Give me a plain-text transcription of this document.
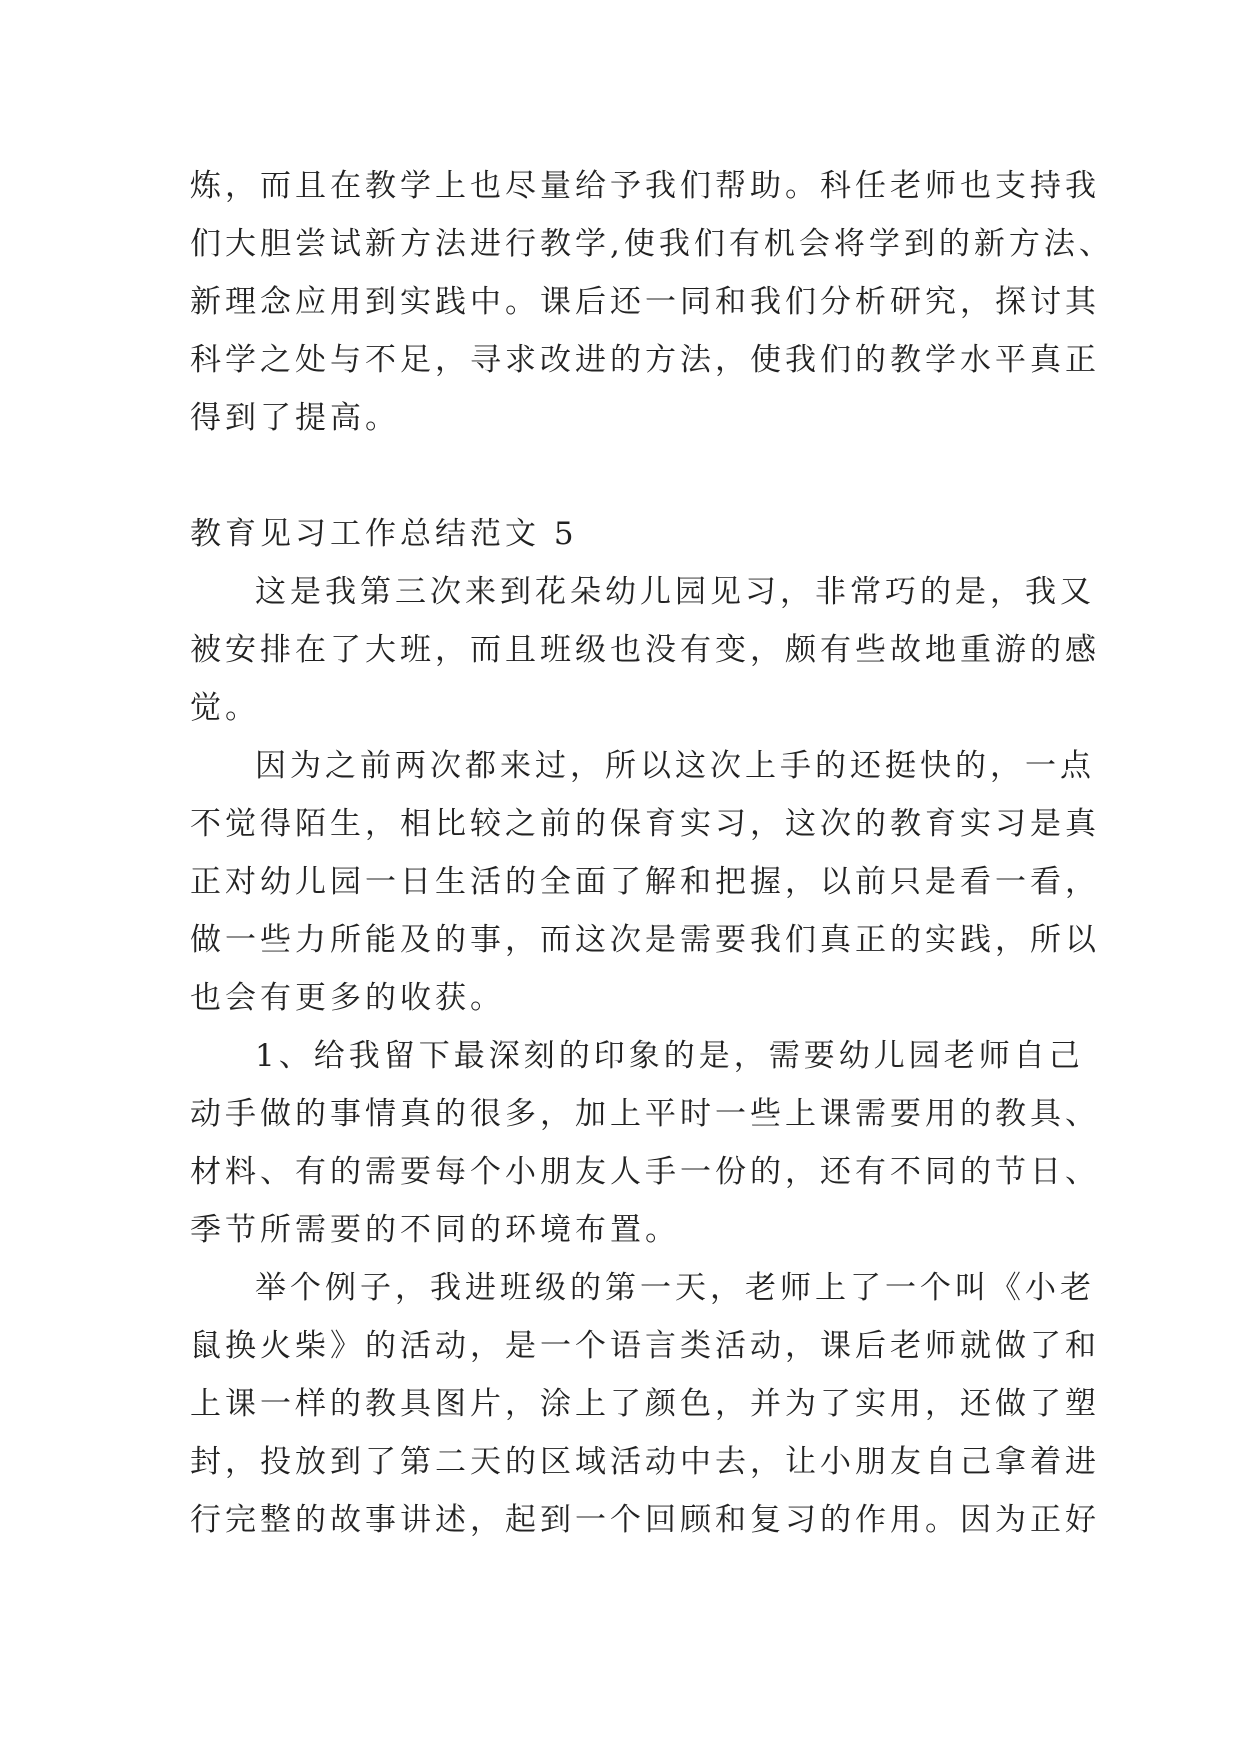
炼，而且在教学上也尽量给予我们帮助。科任老师也支持我
们大胆尝试新方法进行教学,使我们有机会将学到的新方法、
新理念应用到实践中。课后还一同和我们分析研究，探讨其
科学之处与不足，寻求改进的方法，使我们的教学水平真正
得到了提高。
教育见习工作总结范文 5
这是我第三次来到花朵幼儿园见习，非常巧的是，我又
被安排在了大班，而且班级也没有变，颇有些故地重游的感
觉。
因为之前两次都来过，所以这次上手的还挺快的，一点
不觉得陌生，相比较之前的保育实习，这次的教育实习是真
正对幼儿园一日生活的全面了解和把握，以前只是看一看，
做一些力所能及的事，而这次是需要我们真正的实践，所以
也会有更多的收获。
1、给我留下最深刻的印象的是，需要幼儿园老师自己
动手做的事情真的很多，加上平时一些上课需要用的教具、
材料、有的需要每个小朋友人手一份的，还有不同的节日、
季节所需要的不同的环境布置。
举个例子，我进班级的第一天，老师上了一个叫《小老
鼠换火柴》的活动，是一个语言类活动，课后老师就做了和
上课一样的教具图片，涂上了颜色，并为了实用，还做了塑
封，投放到了第二天的区域活动中去，让小朋友自己拿着进
行完整的故事讲述，起到一个回顾和复习的作用。因为正好
